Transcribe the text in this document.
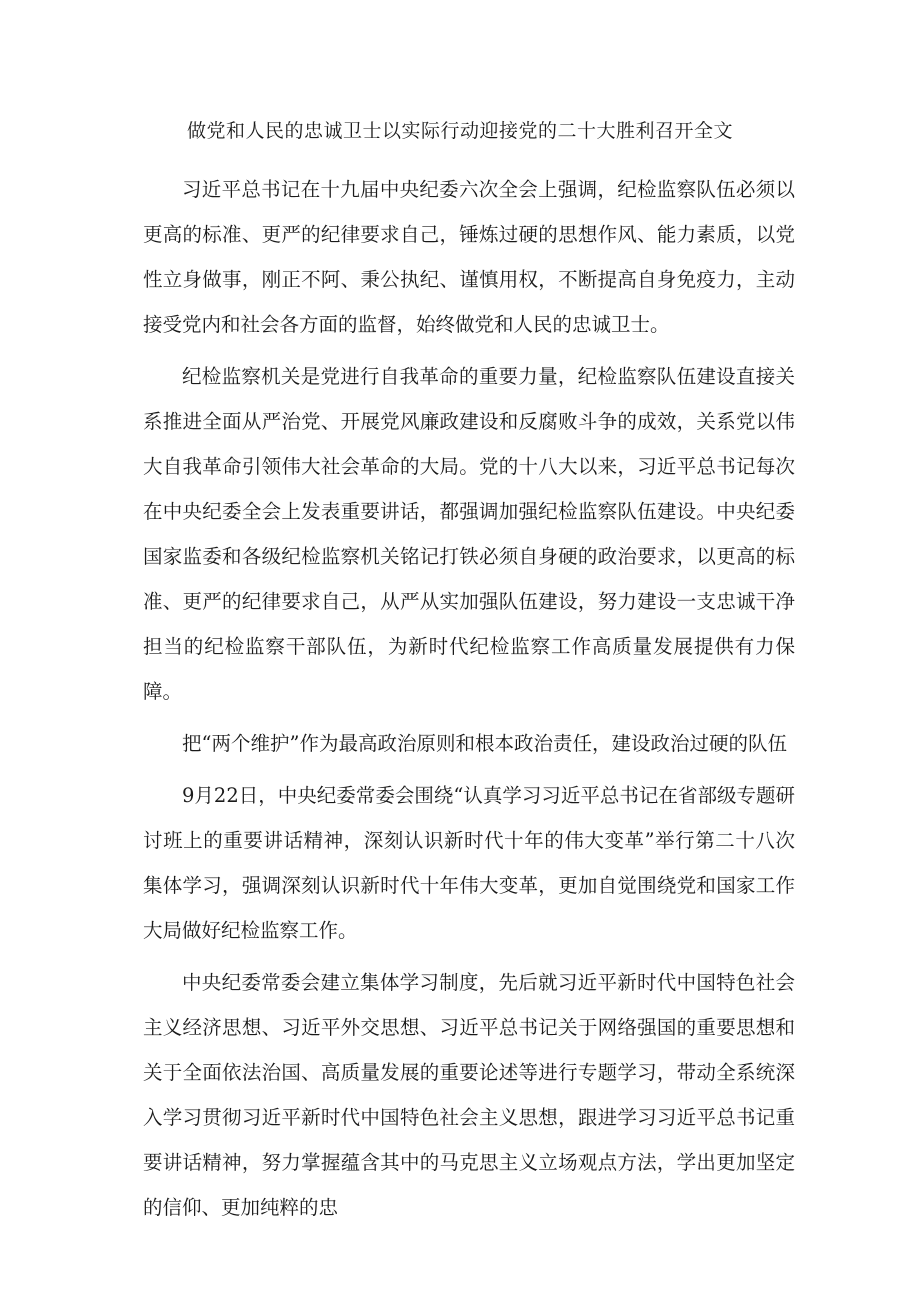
做党和人民的忠诚卫士以实际行动迎接党的二十大胜利召开全文

习近平总书记在十九届中央纪委六次全会上强调，纪检监察队伍必须以更高的标准、更严的纪律要求自己，锤炼过硬的思想作风、能力素质，以党性立身做事，刚正不阿、秉公执纪、谨慎用权，不断提高自身免疫力，主动接受党内和社会各方面的监督，始终做党和人民的忠诚卫士。

纪检监察机关是党进行自我革命的重要力量，纪检监察队伍建设直接关系推进全面从严治党、开展党风廉政建设和反腐败斗争的成效，关系党以伟大自我革命引领伟大社会革命的大局。党的十八大以来，习近平总书记每次在中央纪委全会上发表重要讲话，都强调加强纪检监察队伍建设。中央纪委国家监委和各级纪检监察机关铭记打铁必须自身硬的政治要求，以更高的标准、更严的纪律要求自己，从严从实加强队伍建设，努力建设一支忠诚干净担当的纪检监察干部队伍，为新时代纪检监察工作高质量发展提供有力保障。

把“两个维护”作为最高政治原则和根本政治责任，建设政治过硬的队伍

9月22日，中央纪委常委会围绕“认真学习习近平总书记在省部级专题研讨班上的重要讲话精神，深刻认识新时代十年的伟大变革”举行第二十八次集体学习，强调深刻认识新时代十年伟大变革，更加自觉围绕党和国家工作大局做好纪检监察工作。

中央纪委常委会建立集体学习制度，先后就习近平新时代中国特色社会主义经济思想、习近平外交思想、习近平总书记关于网络强国的重要思想和关于全面依法治国、高质量发展的重要论述等进行专题学习，带动全系统深入学习贯彻习近平新时代中国特色社会主义思想，跟进学习习近平总书记重要讲话精神，努力掌握蕴含其中的马克思主义立场观点方法，学出更加坚定的信仰、更加纯粹的忠
